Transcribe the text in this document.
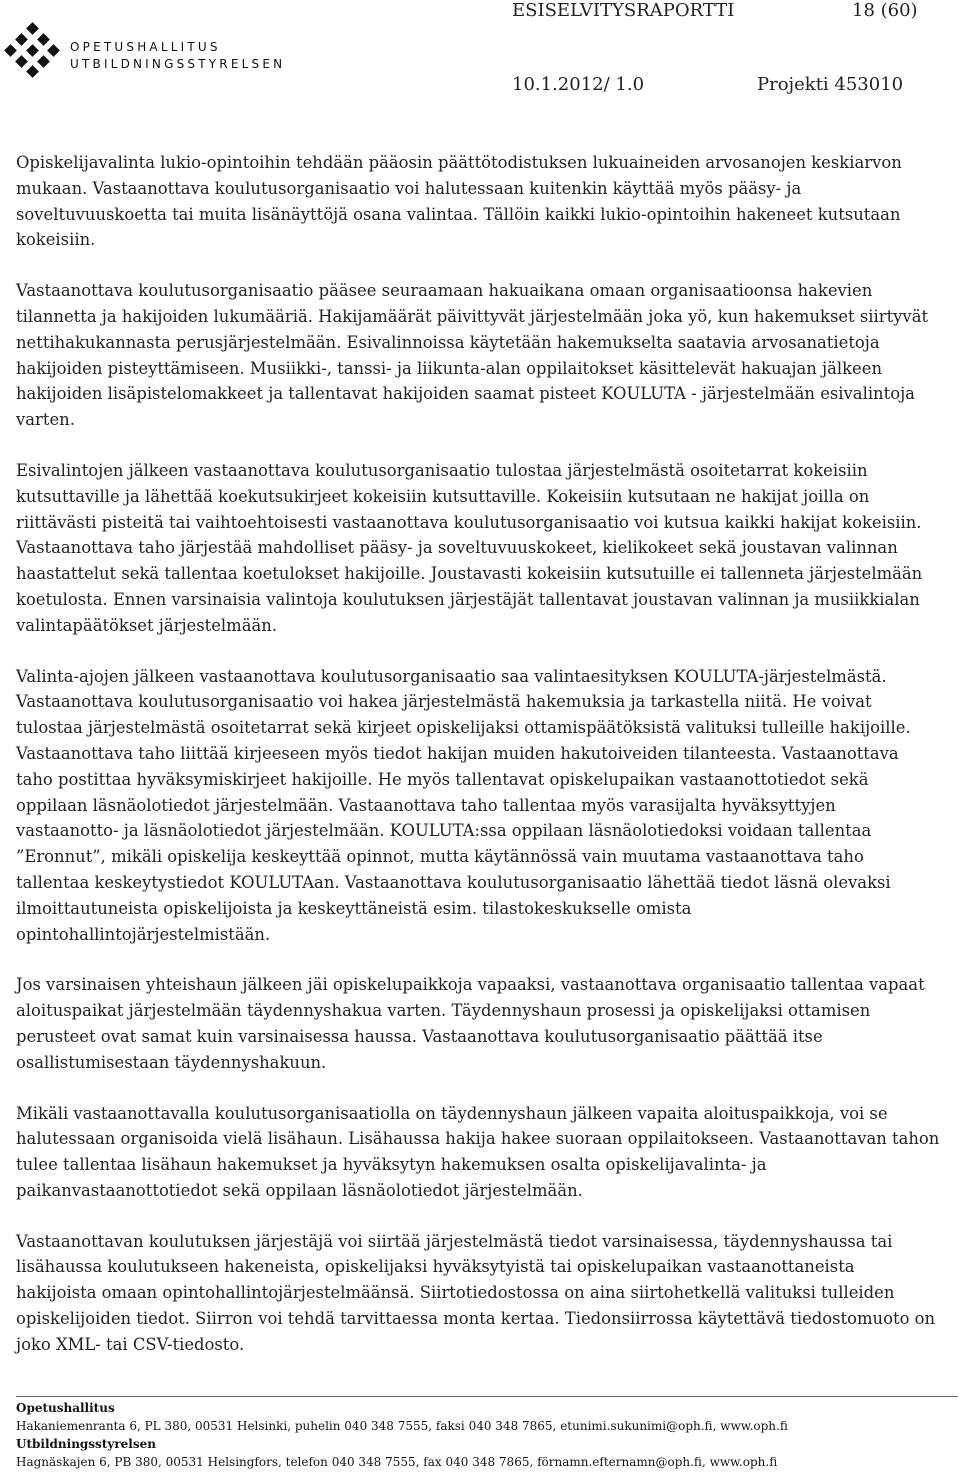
OPETUSHALLITUS
UTBILDNINGSSTYRELSEN
ESISELVITYSRAPORTTI	18 (60)
10.1.2012/ 1.0	Projekti 453010

Opiskelijavalinta lukio-opintoihin tehdään pääosin päättötodistuksen lukuaineiden arvosanojen keskiarvon mukaan. Vastaanottava koulutusorganisaatio voi halutessaan kuitenkin käyttää myös pääsy- ja soveltuvuuskoetta tai muita lisänäyttöjä osana valintaa. Tällöin kaikki lukio-opintoihin hakeneet kutsutaan kokeisiin.

Vastaanottava koulutusorganisaatio pääsee seuraamaan hakuaikana omaan organisaatioonsa hakevien tilannetta ja hakijoiden lukumääriä. Hakijamäärät päivittyvät järjestelmään joka yö, kun hakemukset siirtyvät nettihakukannasta perusjärjestelmään. Esivalinnoissa käytetään hakemukselta saatavia arvosanatietoja hakijoiden pisteyttämiseen. Musiikki-, tanssi- ja liikunta-alan oppilaitokset käsittelevät hakuajan jälkeen hakijoiden lisäpistelomakkeet ja tallentavat hakijoiden saamat pisteet KOULUTA - järjestelmään esivalintoja varten.

Esivalintojen jälkeen vastaanottava koulutusorganisaatio tulostaa järjestelmästä osoitetarrat kokeisiin kutsuttaville ja lähettää koekutsukirjeet kokeisiin kutsuttaville. Kokeisiin kutsutaan ne hakijat joilla on riittävästi pisteitä tai vaihtoehtoisesti vastaanottava koulutusorganisaatio voi kutsua kaikki hakijat kokeisiin. Vastaanottava taho järjestää mahdolliset pääsy- ja soveltuvuuskokeet, kielikokeet sekä joustavan valinnan haastattelut sekä tallentaa koetulokset hakijoille. Joustavasti kokeisiin kutsutuille ei tallenneta järjestelmään koetulosta. Ennen varsinaisia valintoja koulutuksen järjestäjät tallentavat joustavan valinnan ja musiikkialan valintapäätökset järjestelmään.

Valinta-ajojen jälkeen vastaanottava koulutusorganisaatio saa valintaesityksen KOULUTA-järjestelmästä. Vastaanottava koulutusorganisaatio voi hakea järjestelmästä hakemuksia ja tarkastella niitä. He voivat tulostaa järjestelmästä osoitetarrat sekä kirjeet opiskelijaksi ottamispäätöksistä valituksi tulleille hakijoille. Vastaanottava taho liittää kirjeeseen myös tiedot hakijan muiden hakutoiveiden tilanteesta. Vastaanottava taho postittaa hyväksymiskirjeet hakijoille. He myös tallentavat opiskelupaikan vastaanottotiedot sekä oppilaan läsnäolotiedot järjestelmään. Vastaanottava taho tallentaa myös varasijalta hyväksyttyjen vastaanotto- ja läsnäolotiedot järjestelmään. KOULUTA:ssa oppilaan läsnäolotiedoksi voidaan tallentaa ”Eronnut”, mikäli opiskelija keskeyttää opinnot, mutta käytännössä vain muutama vastaanottava taho tallentaa keskeytystiedot KOULUTAan. Vastaanottava koulutusorganisaatio lähettää tiedot läsnä olevaksi ilmoittautuneista opiskelijoista ja keskeyttäneistä esim. tilastokeskukselle omista opintohallintojärjestelmistään.

Jos varsinaisen yhteishaun jälkeen jäi opiskelupaikkoja vapaaksi, vastaanottava organisaatio tallentaa vapaat aloituspaikat järjestelmään täydennyshakua varten. Täydennyshaun prosessi ja opiskelijaksi ottamisen perusteet ovat samat kuin varsinaisessa haussa. Vastaanottava koulutusorganisaatio päättää itse osallistumisestaan täydennyshakuun.

Mikäli vastaanottavalla koulutusorganisaatiolla on täydennyshaun jälkeen vapaita aloituspaikkoja, voi se halutessaan organisoida vielä lisähaun. Lisähaussa hakija hakee suoraan oppilaitokseen. Vastaanottavan tahon tulee tallentaa lisähaun hakemukset ja hyväksytyn hakemuksen osalta opiskelijavalinta- ja paikanvastaanottotiedot sekä oppilaan läsnäolotiedot järjestelmään.

Vastaanottavan koulutuksen järjestäjä voi siirtää järjestelmästä tiedot varsinaisessa, täydennyshaussa tai lisähaussa koulutukseen hakeneista, opiskelijaksi hyväksytyistä tai opiskelupaikan vastaanottaneista hakijoista omaan opintohallintojärjestelmäänsä. Siirtotiedostossa on aina siirtohetkellä valituksi tulleiden opiskelijoiden tiedot. Siirron voi tehdä tarvittaessa monta kertaa. Tiedonsiirrossa käytettävä tiedostomuoto on joko XML- tai CSV-tiedosto.

Opetushallitus
Hakaniemenranta 6, PL 380, 00531 Helsinki, puhelin 040 348 7555, faksi 040 348 7865, etunimi.sukunimi@oph.fi, www.oph.fi
Utbildningsstyrelsen
Hagnäskajen 6, PB 380, 00531 Helsingfors, telefon 040 348 7555, fax 040 348 7865, förnamn.efternamn@oph.fi, www.oph.fi
